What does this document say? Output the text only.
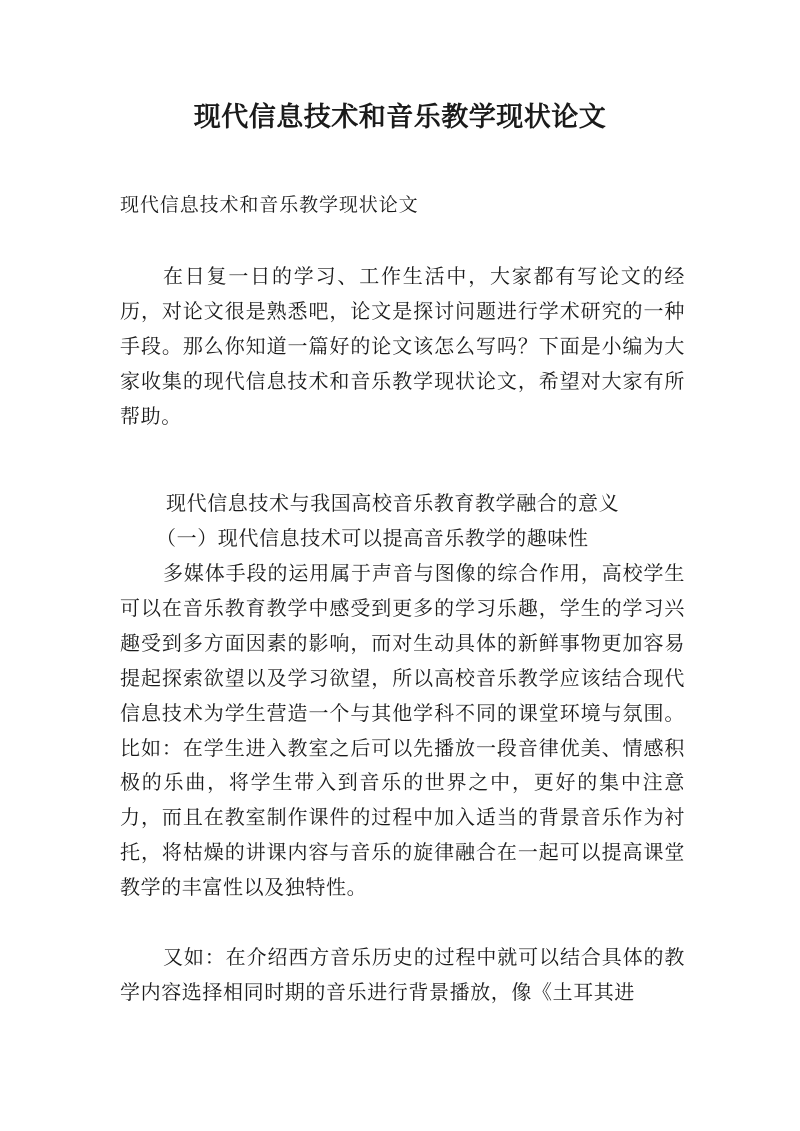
现代信息技术和音乐教学现状论文

现代信息技术和音乐教学现状论文

在日复一日的学习、工作生活中，大家都有写论文的经历，对论文很是熟悉吧，论文是探讨问题进行学术研究的一种手段。那么你知道一篇好的论文该怎么写吗？下面是小编为大家收集的现代信息技术和音乐教学现状论文，希望对大家有所帮助。

现代信息技术与我国高校音乐教育教学融合的意义

（一）现代信息技术可以提高音乐教学的趣味性

多媒体手段的运用属于声音与图像的综合作用，高校学生可以在音乐教育教学中感受到更多的学习乐趣，学生的学习兴趣受到多方面因素的影响，而对生动具体的新鲜事物更加容易提起探索欲望以及学习欲望，所以高校音乐教学应该结合现代信息技术为学生营造一个与其他学科不同的课堂环境与氛围。比如：在学生进入教室之后可以先播放一段音律优美、情感积极的乐曲，将学生带入到音乐的世界之中，更好的集中注意力，而且在教室制作课件的过程中加入适当的背景音乐作为衬托，将枯燥的讲课内容与音乐的旋律融合在一起可以提高课堂教学的丰富性以及独特性。

又如：在介绍西方音乐历史的过程中就可以结合具体的教学内容选择相同时期的音乐进行背景播放，像《土耳其进
